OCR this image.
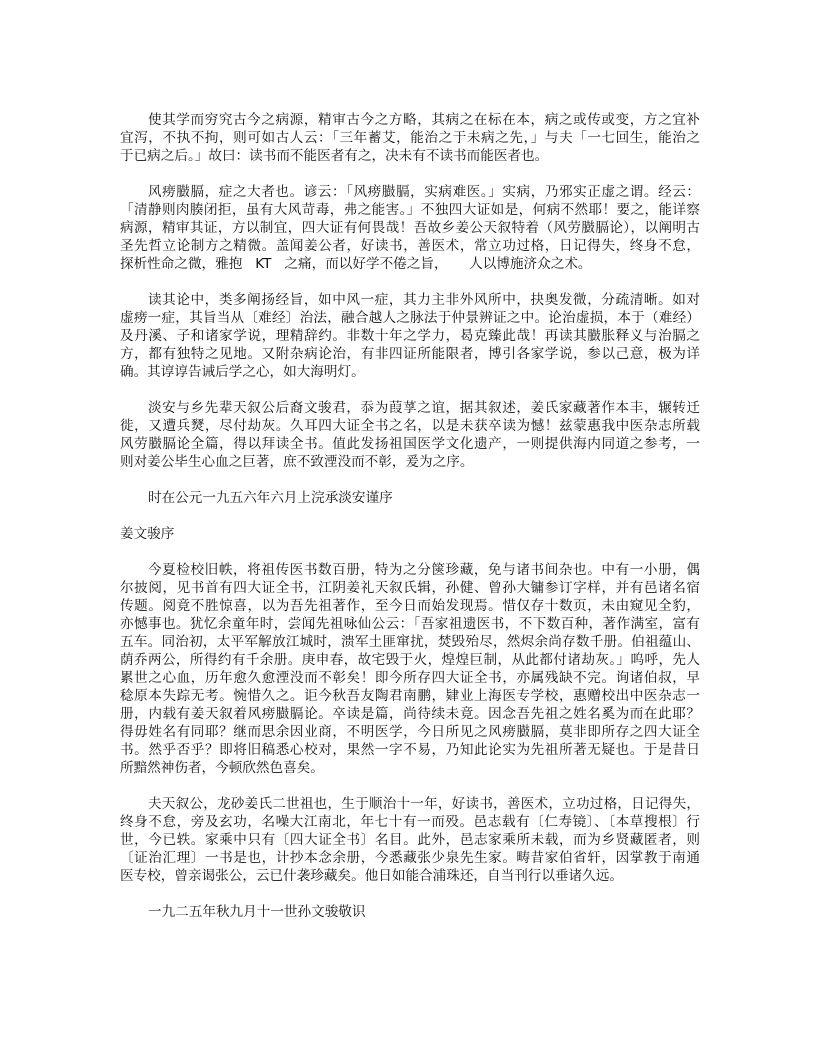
使其学而穷究古今之病源，精审古今之方略，其病之在标在本，病之或传或变，方之宜补
宜泻，不执不拘，则可如古人云：「三年蓄艾，能治之于未病之先，」与夫「一七回生，能治之
于已病之后。」故曰：读书而不能医者有之，决未有不读书而能医者也。
风痨臌膈，症之大者也。谚云：「风痨臌膈，实病难医。」实病，乃邪实正虚之谓。经云：
「清静则肉腠闭拒，虽有大风苛毒，弗之能害。」不独四大证如是，何病不然耶！要之，能详察
病源，精审其证，方以制宜，四大证有何畏哉！吾故乡姜公天叙特着（风劳臌膈论），以阐明古
圣先哲立论制方之精微。盖闻姜公者，好读书，善医术，常立功过格，日记得失，终身不怠，
探析性命之微，雅抱   KT   之痛，而以好学不倦之旨，     人以博施济众之术。
读其论中，类多阐扬经旨，如中风一症，其力主非外风所中，抉奥发微，分疏清晰。如对
虚痨一症，其旨当从〔难经〕治法，融合越人之脉法于仲景辨证之中。论治虚损，本于（难经）
及丹溪、子和诸家学说，理精辞约。非数十年之学力，曷克臻此哉！再读其臌胀释义与治膈之
方，都有独特之见地。又附杂病论治，有非四证所能限者，博引各家学说，参以己意，极为详
确。其谆谆告诫后学之心，如大海明灯。
淡安与乡先辈天叙公后裔文骏君，忝为葭莩之谊，据其叙述，姜氏家藏著作本丰，辗转迁
徙，又遭兵燹，尽付劫灰。久耳四大证全书之名，以是未获卒读为憾！兹蒙惠我中医杂志所载
风劳臌膈论全篇，得以拜读全书。值此发扬祖国医学文化遗产，一则提供海内同道之参考，一
则对姜公毕生心血之巨著，庶不致湮没而不彰，爰为之序。
时在公元一九五六年六月上浣承淡安谨序
姜文骏序
今夏检校旧帙，将祖传医书数百册，特为之分箧珍藏，免与诸书间杂也。中有一小册，偶
尔披阅，见书首有四大证全书，江阴姜礼天叙氏辑，孙健、曾孙大镛参订字样，并有邑诸名宿
传题。阅竟不胜惊喜，以为吾先祖著作，至今日而始发现焉。惜仅存十数页，未由窥见全豹，
亦憾事也。犹忆余童年时，尝闻先祖咏仙公云：「吾家祖遗医书，不下数百种，著作满室，富有
五车。同治初，太平军解放江城时，溃军土匪窜扰，焚毁殆尽，然烬余尚存数千册。伯祖蕴山、
荫乔两公，所得约有千余册。庚申春，故宅毁于火，煌煌巨制，从此都付诸劫灰。」呜呼，先人
累世之心血，历年愈久愈湮没而不彰矣！即今所存四大证全书，亦属残缺不完。询诸伯叔，早
稔原本失踪无考。惋惜久之。讵今秋吾友陶君南鹏，肄业上海医专学校，惠赠校出中医杂志一
册，内载有姜天叙着风痨臌膈论。卒读是篇，尚待续未竟。因念吾先祖之姓名奚为而在此耶？
得毋姓名有同耶？继而思余因业商，不明医学，今日所见之风痨臌膈，莫非即所存之四大证全
书。然乎否乎？即将旧稿悉心校对，果然一字不易，乃知此论实为先祖所著无疑也。于是昔日
所黯然神伤者，今顿欣然色喜矣。
夫天叙公，龙砂姜氏二世祖也，生于顺治十一年，好读书，善医术，立功过格，日记得失，
终身不怠，旁及玄功，名噪大江南北，年七十有一而殁。邑志载有〔仁寿镜〕、〔本草搜根〕行
世，今已轶。家乘中只有〔四大证全书〕名目。此外，邑志家乘所未载，而为乡贤藏匿者，则
〔证治汇理〕一书是也，计抄本念余册，今悉藏张少泉先生家。畴昔家伯省轩，因掌教于南通
医专校，曾亲谒张公，云已什袭珍藏矣。他日如能合浦珠还，自当刊行以垂诸久远。
一九二五年秋九月十一世孙文骏敬识
